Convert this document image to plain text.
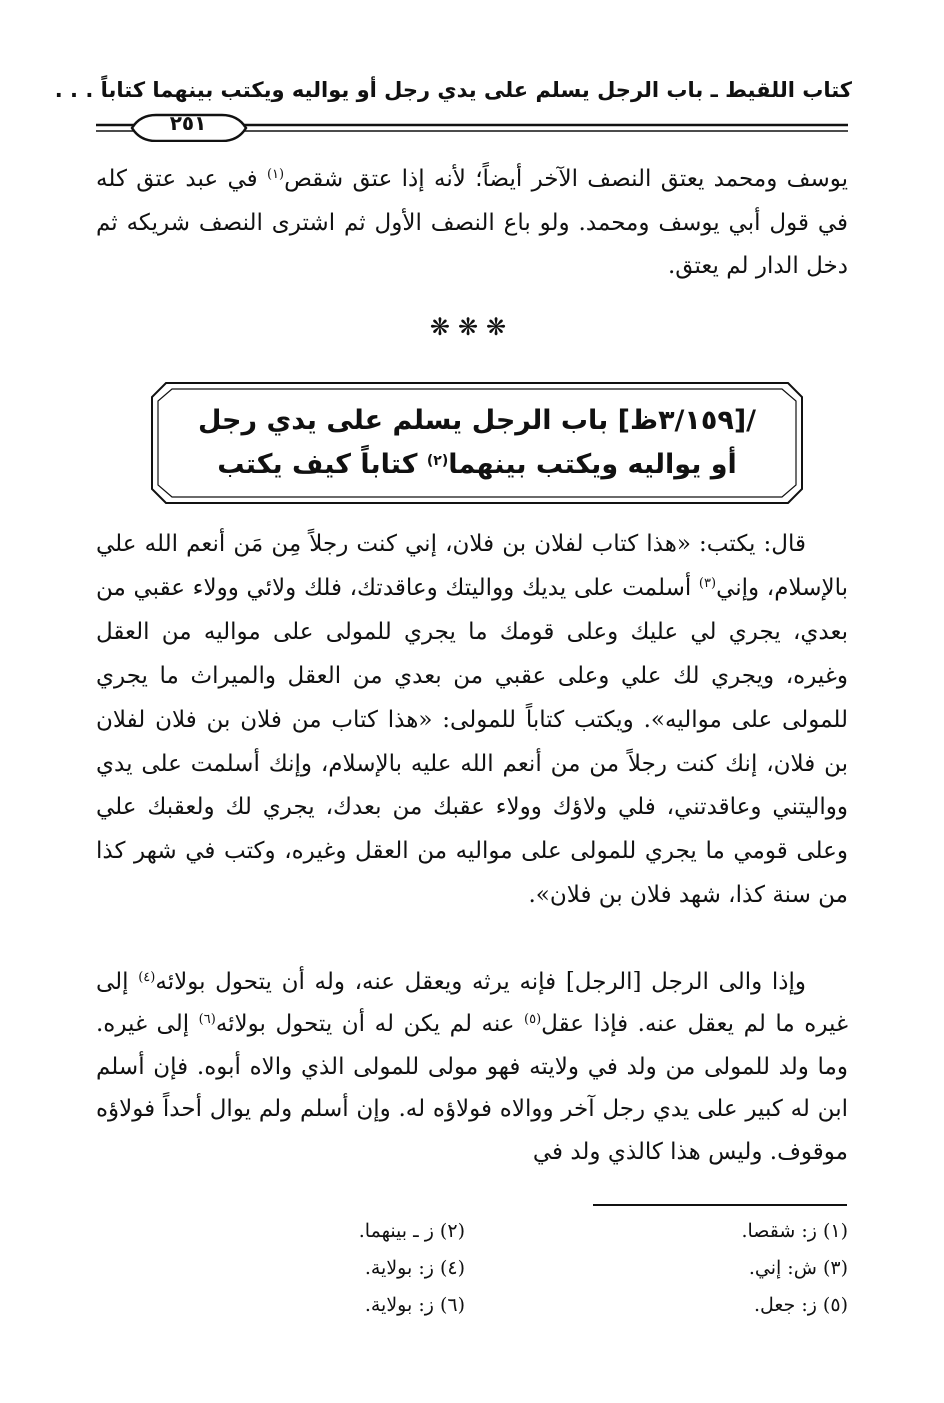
كتاب اللقيط ـ باب الرجل يسلم على يدي رجل أو يواليه ويكتب بينهما كتاباً . . .
٢٥١

يوسف ومحمد يعتق النصف الآخر أيضاً؛ لأنه إذا عتق شقص$^{(١)}$ في عبد عتق كله في قول أبي يوسف ومحمد. ولو باع النصف الأول ثم اشترى النصف شريكه ثم دخل الدار لم يعتق.

❋❋❋
/[٣/١٥٩ظ] باب الرجل يسلم على يدي رجل
أو يواليه ويكتب بينهما$^{(٢)}$ كتاباً كيف يكتب

قال: يكتب: «هذا كتاب لفلان بن فلان، إني كنت رجلاً مِن مَن أنعم الله علي بالإسلام، وإني$^{(٣)}$ أسلمت على يديك وواليتك وعاقدتك، فلك ولائي وولاء عقبي من بعدي، يجري لي عليك وعلى قومك ما يجري للمولى على مواليه من العقل وغيره، ويجري لك علي وعلى عقبي من بعدي من العقل والميراث ما يجري للمولى على مواليه». ويكتب كتاباً للمولى: «هذا كتاب من فلان بن فلان لفلان بن فلان، إنك كنت رجلاً من من أنعم الله عليه بالإسلام، وإنك أسلمت على يدي وواليتني وعاقدتني، فلي ولاؤك وولاء عقبك من بعدك، يجري لك ولعقبك علي وعلى قومي ما يجري للمولى على مواليه من العقل وغيره، وكتب في شهر كذا من سنة كذا، شهد فلان بن فلان».

وإذا والى الرجل [الرجل] فإنه يرثه ويعقل عنه، وله أن يتحول بولائه$^{(٤)}$ إلى غيره ما لم يعقل عنه. فإذا عقل$^{(٥)}$ عنه لم يكن له أن يتحول بولائه$^{(٦)}$ إلى غيره. وما ولد للمولى من ولد في ولايته فهو مولى للمولى الذي والاه أبوه. فإن أسلم ابن له كبير على يدي رجل آخر ووالاه فولاؤه له. وإن أسلم ولم يوال أحداً فولاؤه موقوف. وليس هذا كالذي ولد في

(١) ز: شقصا.
(٢) ز ـ بينهما.
(٣) ش: إني.
(٤) ز: بولاية.
(٥) ز: جعل.
(٦) ز: بولاية.
